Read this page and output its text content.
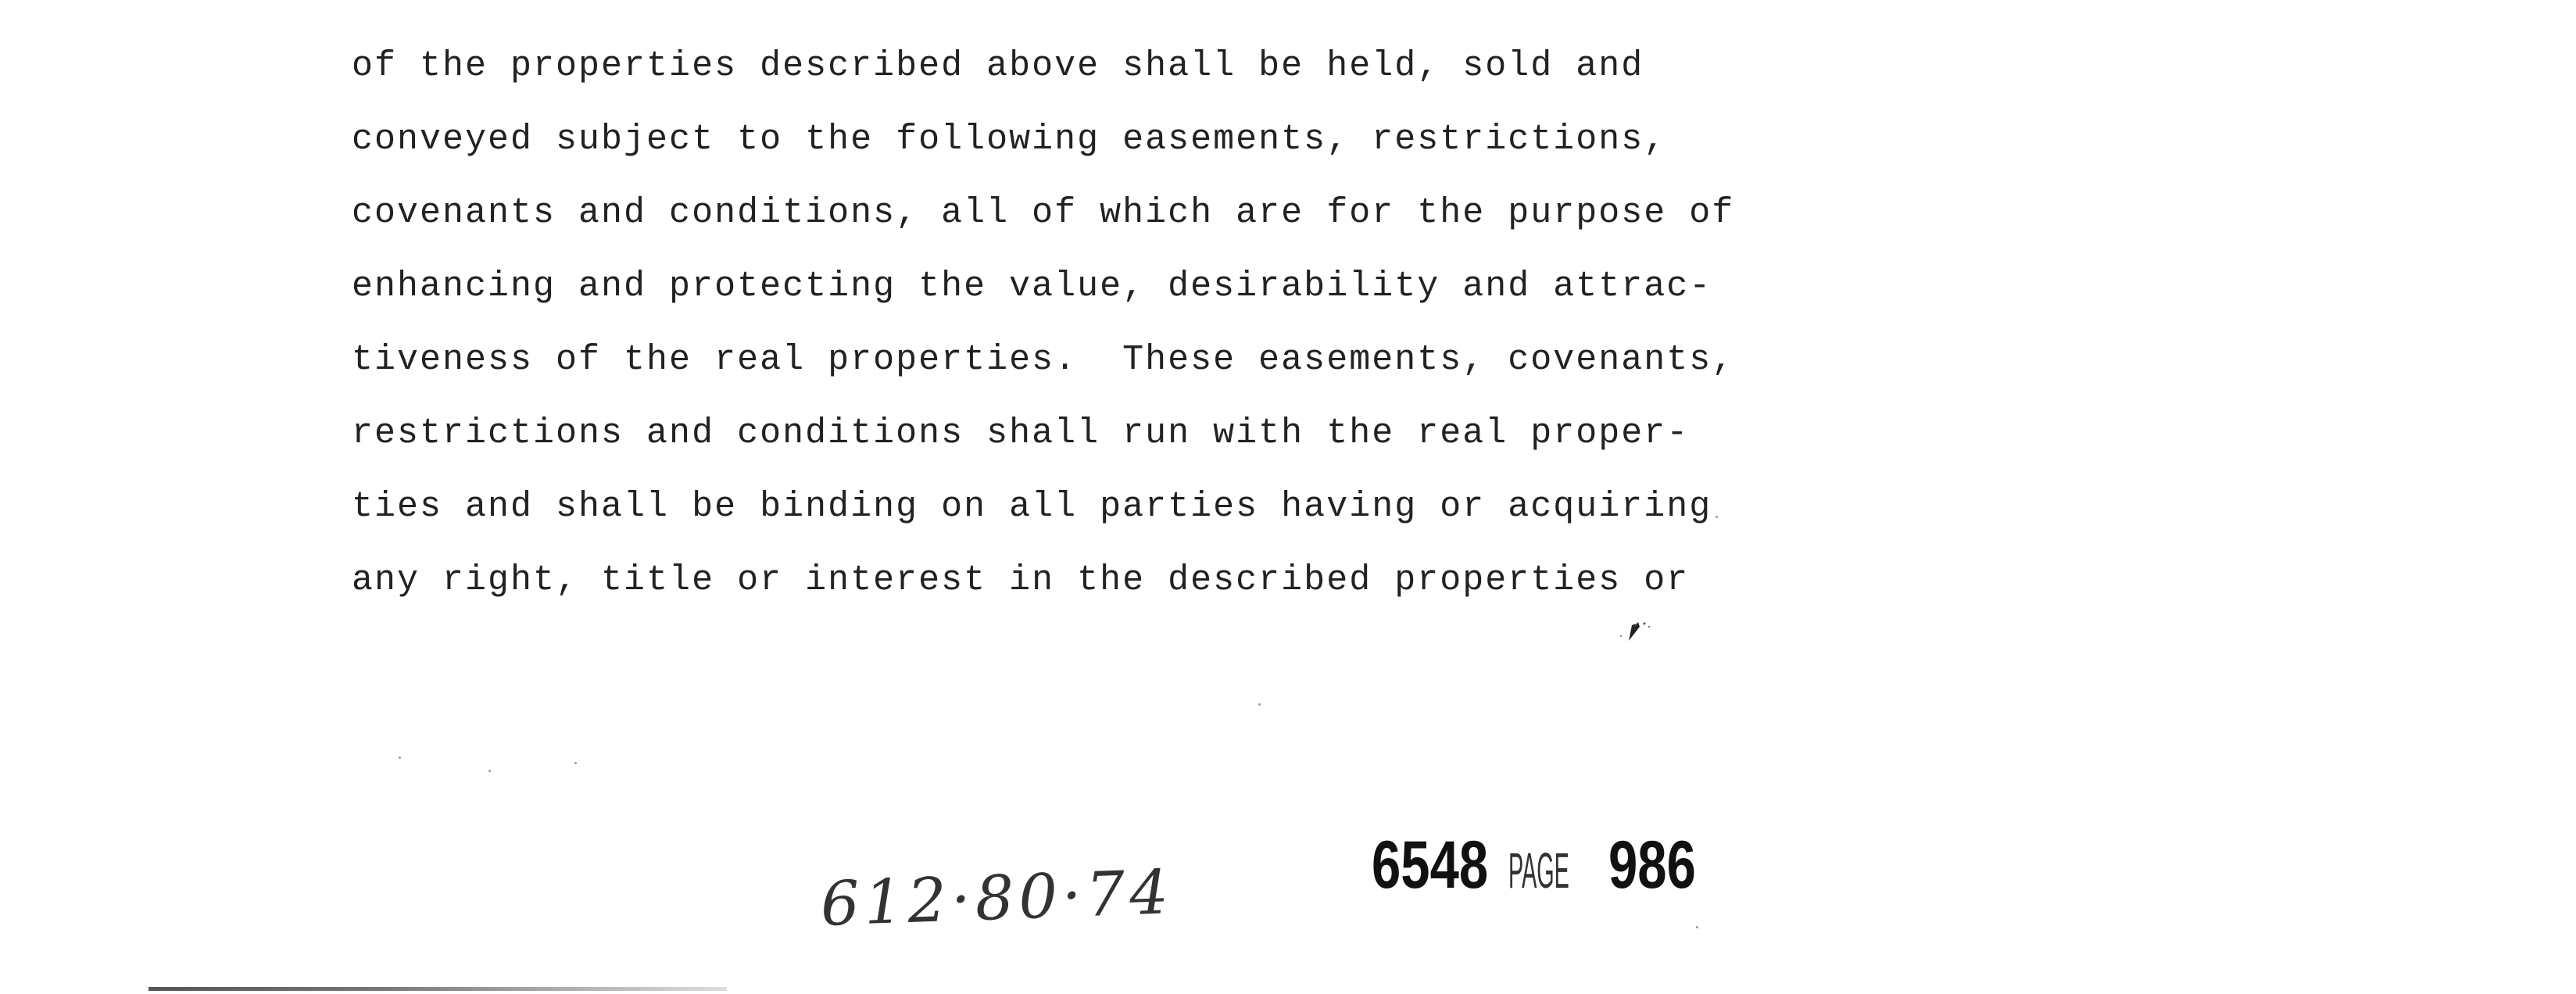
of the properties described above shall be held, sold and
conveyed subject to the following easements, restrictions,
covenants and conditions, all of which are for the purpose of
enhancing and protecting the value, desirability and attrac-
tiveness of the real properties.  These easements, covenants,
restrictions and conditions shall run with the real proper-
ties and shall be binding on all parties having or acquiring
any right, title or interest in the described properties or
612·80·74	6548 PAGE 986
